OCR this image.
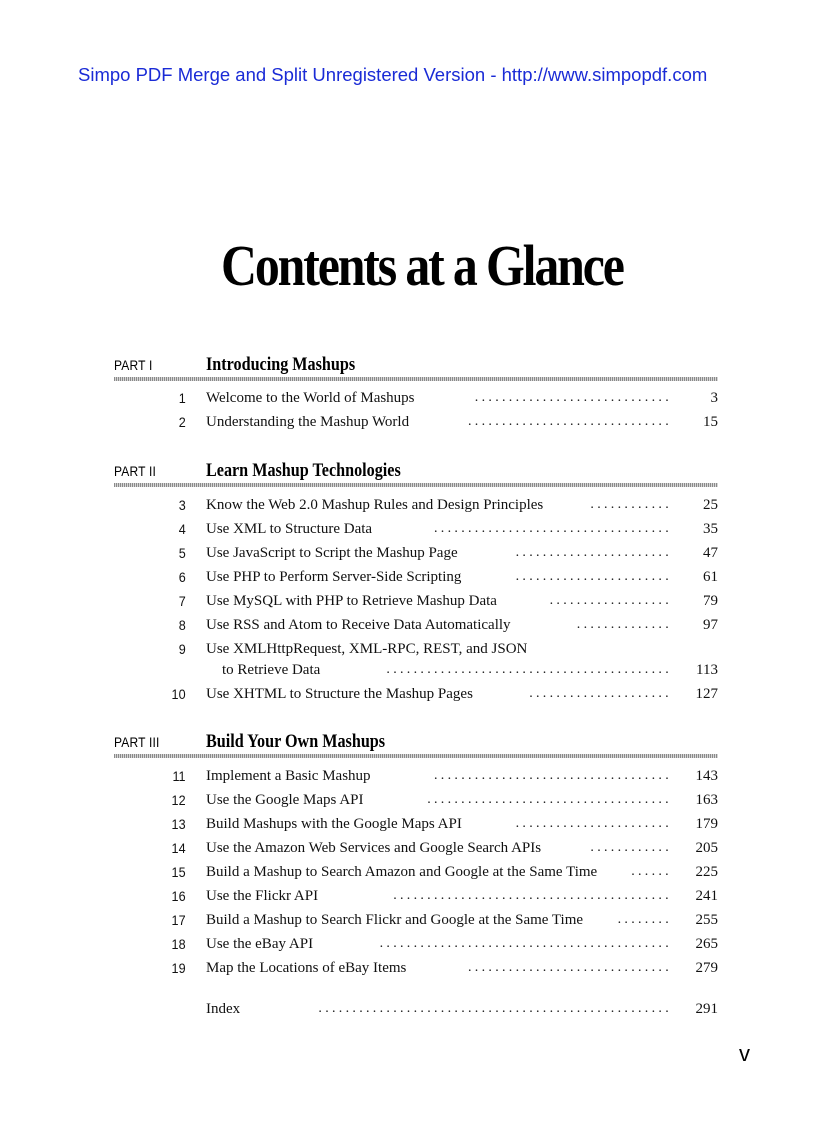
Simpo PDF Merge and Split Unregistered Version - http://www.simpopdf.com
Contents at a Glance
PART I	Introducing Mashups
1 Welcome to the World of Mashups	.............................	3
2 Understanding the Mashup World	.............................. 15
PART II	Learn Mashup Technologies
3 Know the Web 2.0 Mashup Rules and Design Principles	............ 25
4 Use XML to Structure Data	................................... 35
5 Use JavaScript to Script the Mashup Page	....................... 47
6 Use PHP to Perform Server-Side Scripting	....................... 61
7 Use MySQL with PHP to Retrieve Mashup Data	.................. 79
8 Use RSS and Atom to Receive Data Automatically	.............. 97
9 Use XMLHttpRequest, XML-RPC, REST, and JSON
to Retrieve Data	.......................................... 113
10 Use XHTML to Structure the Mashup Pages	..................... 127
PART III Build Your Own Mashups
11 Implement a Basic Mashup	................................... 143
12 Use the Google Maps API	.................................... 163
13 Build Mashups with the Google Maps API	....................... 179
14 Use the Amazon Web Services and Google Search APIs	............ 205
15 Build a Mashup to Search Amazon and Google at the Same Time	...... 225
16 Use the Flickr API	......................................... 241
17 Build a Mashup to Search Flickr and Google at the Same Time	........ 255
18 Use the eBay API	........................................... 265
19 Map the Locations of eBay Items	.............................. 279
Index	.................................................... 291
v
